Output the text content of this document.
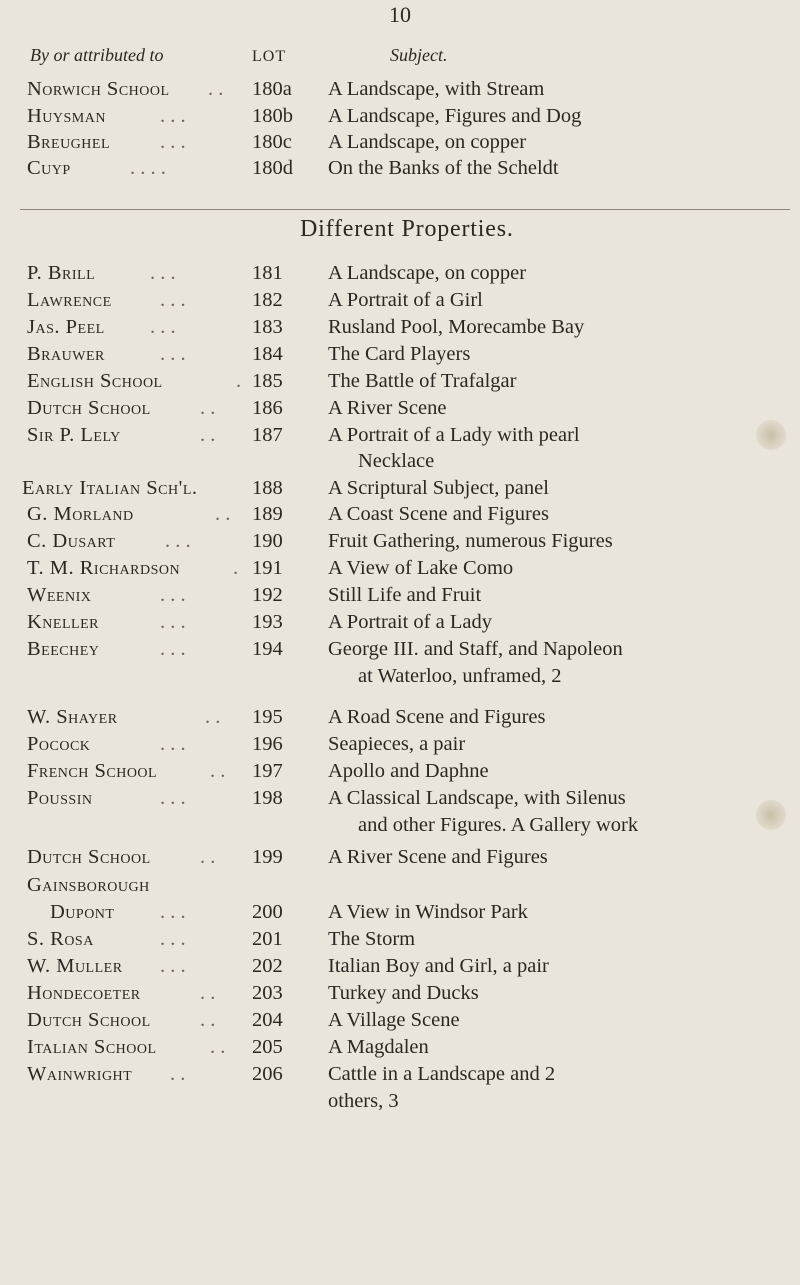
10
By or attributed to	LOT	Subject.
Norwich School . . 180a A Landscape, with Stream
Huysman	. . .	180b A Landscape, Figures and Dog
Breughel . . .	180c A Landscape, on copper
Cuyp	. . . .	180d On the Banks of the Scheldt
Different Properties.
P. Brill	. . .	181 A Landscape, on copper
Lawrence . . .	182 A Portrait of a Girl
Jas. Peel . . .	183 Rusland Pool, Morecambe Bay
Brauwer	. . .	184 The Card Players
English School	. 185 The Battle of Trafalgar
Dutch School . . 186 A River Scene
Sir P. Lely	. . 187 A Portrait of a Lady with pearl
Necklace
Early Italian Sch'l.	188 A Scriptural Subject, panel
G. Morland	. . 189 A Coast Scene and Figures
C. Dusart . . .	190 Fruit Gathering, numerous Figures
T. M. Richardson	. 191 A View of Lake Como
Weenix	. . .	192 Still Life and Fruit
Kneller	. . .	193 A Portrait of a Lady
Beechey	. . .	194 George III. and Staff, and Napoleon
at Waterloo, unframed, 2
W. Shayer	. . 195 A Road Scene and Figures
Pocock	. . .	196 Seapieces, a pair
French School	. . 197 Apollo and Daphne
Poussin	. . .	198 A Classical Landscape, with Silenus
and other Figures. A Gallery work
Dutch School . . 199 A River Scene and Figures
Gainsborough
Dupont . . .	200 A View in Windsor Park
S. Rosa	. . .	201 The Storm
W. Muller . . .	202 Italian Boy and Girl, a pair
Hondecoeter	. . 203 Turkey and Ducks
Dutch School . . 204 A Village Scene
Italian School	. . 205 A Magdalen
Wainwright . .	206 Cattle in a Landscape and 2
others, 3
